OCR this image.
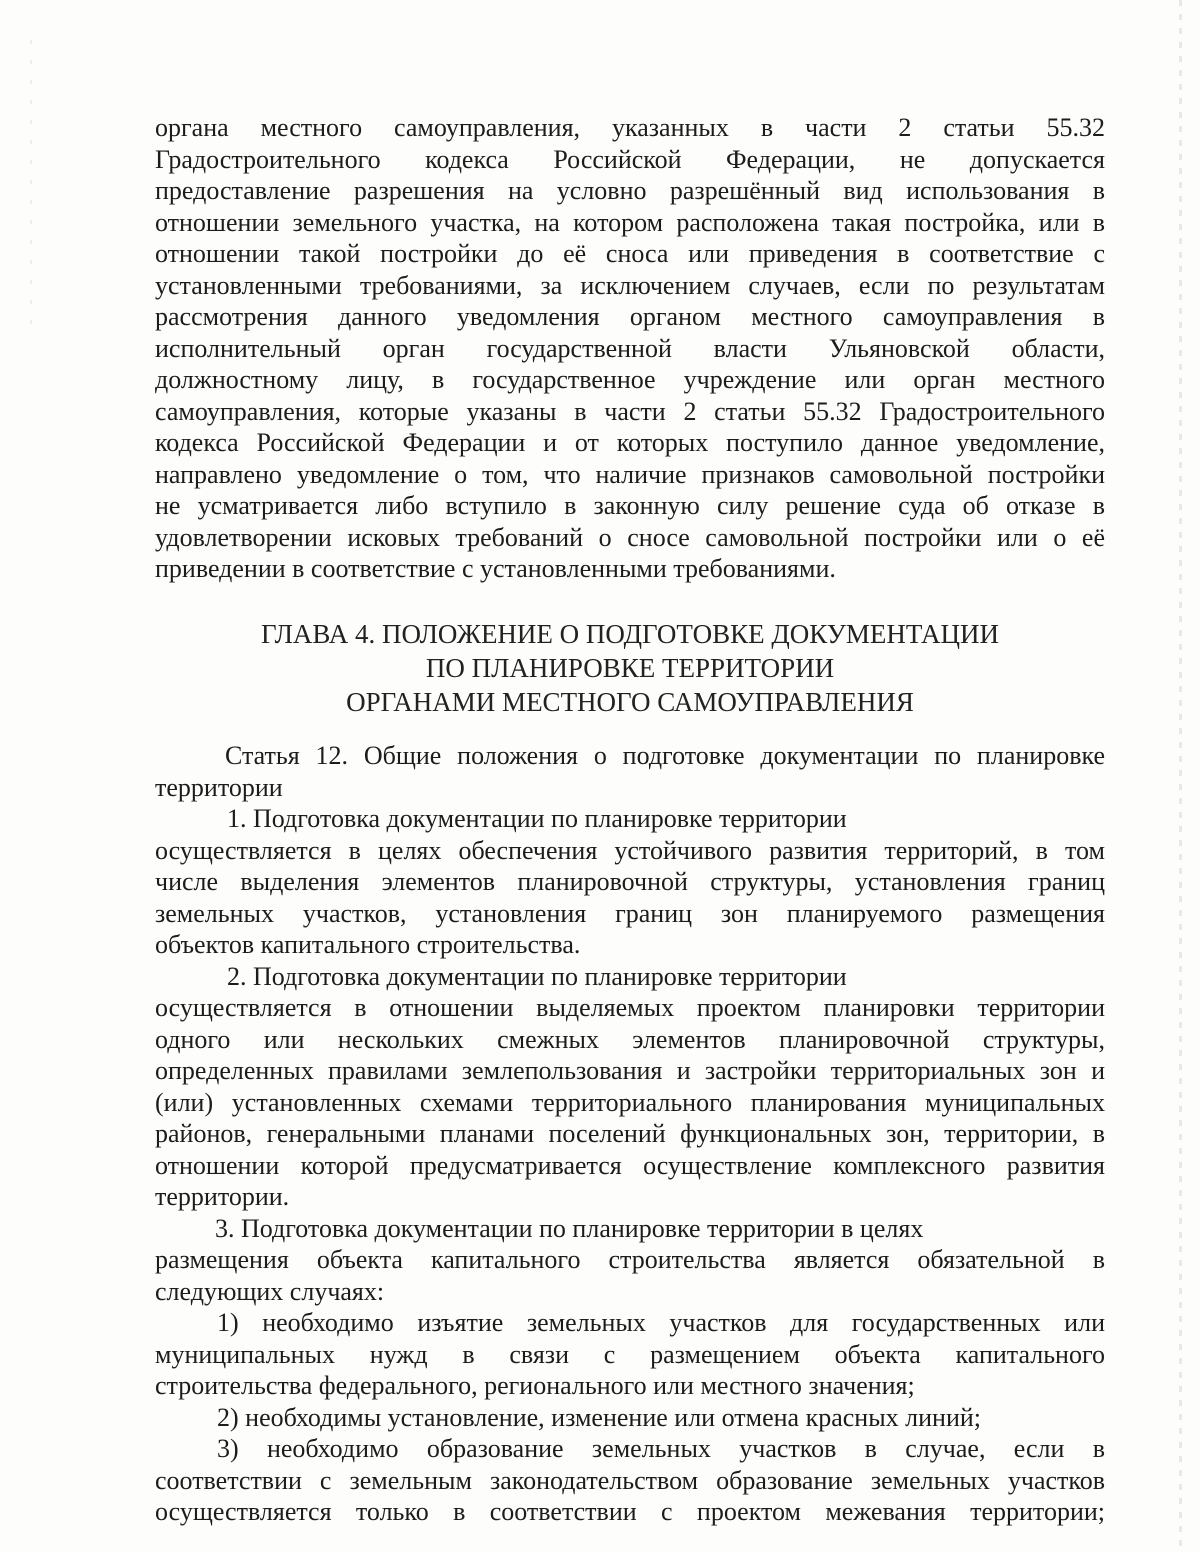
органа местного самоуправления, указанных в части 2 статьи 55.32
Градостроительного кодекса Российской Федерации, не допускается
предоставление разрешения на условно разрешённый вид использования в
отношении земельного участка, на котором расположена такая постройка, или в
отношении такой постройки до её сноса или приведения в соответствие с
установленными требованиями, за исключением случаев, если по результатам
рассмотрения данного уведомления органом местного самоуправления в
исполнительный орган государственной власти Ульяновской области,
должностному лицу, в государственное учреждение или орган местного
самоуправления, которые указаны в части 2 статьи 55.32 Градостроительного
кодекса Российской Федерации и от которых поступило данное уведомление,
направлено уведомление о том, что наличие признаков самовольной постройки
не усматривается либо вступило в законную силу решение суда об отказе в
удовлетворении исковых требований о сносе самовольной постройки или о её
приведении в соответствие с установленными требованиями.
ГЛАВА 4. ПОЛОЖЕНИЕ О ПОДГОТОВКЕ ДОКУМЕНТАЦИИ
ПО ПЛАНИРОВКЕ ТЕРРИТОРИИ
ОРГАНАМИ МЕСТНОГО САМОУПРАВЛЕНИЯ
Статья 12. Общие положения о подготовке документации по планировке
территории
1. Подготовка документации по планировке территории
осуществляется в целях обеспечения устойчивого развития территорий, в том
числе выделения элементов планировочной структуры, установления границ
земельных участков, установления границ зон планируемого размещения
объектов капитального строительства.
2. Подготовка документации по планировке территории
осуществляется в отношении выделяемых проектом планировки территории
одного или нескольких смежных элементов планировочной структуры,
определенных правилами землепользования и застройки территориальных зон и
(или) установленных схемами территориального планирования муниципальных
районов, генеральными планами поселений функциональных зон, территории, в
отношении которой предусматривается осуществление комплексного развития
территории.
3. Подготовка документации по планировке территории в целях
размещения объекта капитального строительства является обязательной в
следующих случаях:
1) необходимо изъятие земельных участков для государственных или
муниципальных нужд в связи с размещением объекта капитального
строительства федерального, регионального или местного значения;
2) необходимы установление, изменение или отмена красных линий;
3) необходимо образование земельных участков в случае, если в
соответствии с земельным законодательством образование земельных участков
осуществляется только в соответствии с проектом межевания территории;
